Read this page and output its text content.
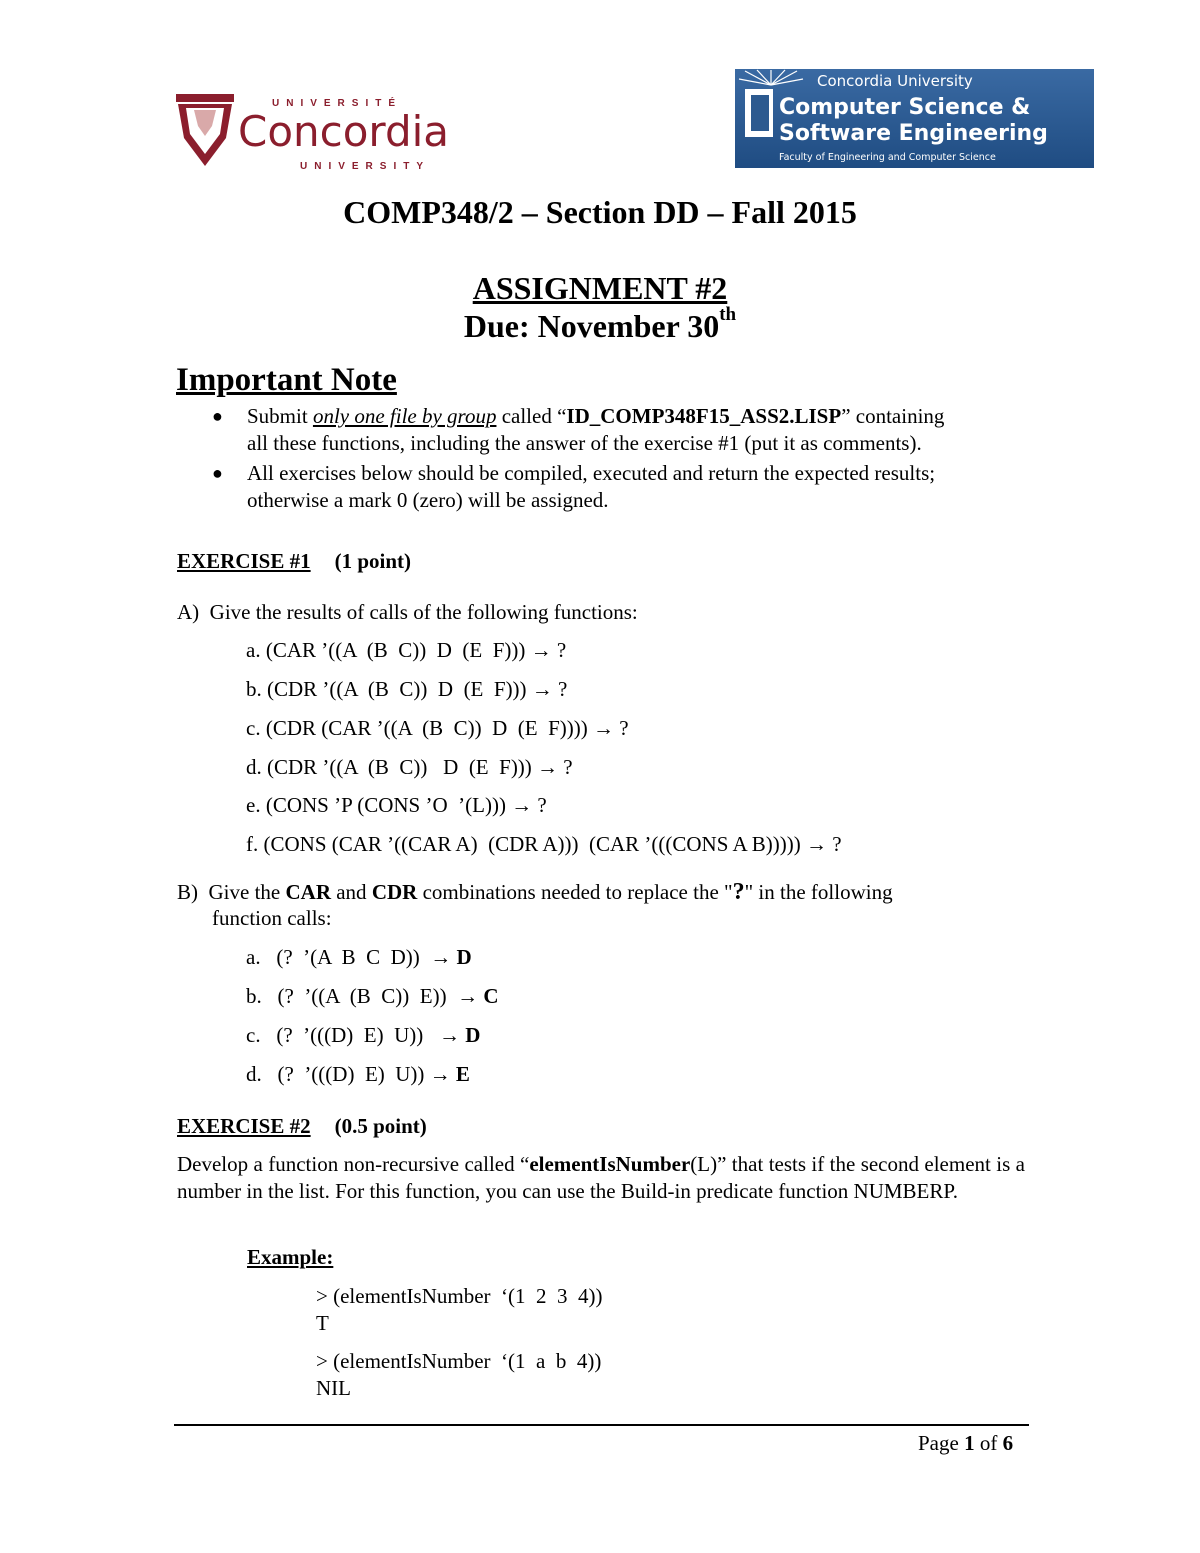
UNIVERSITÉ
Concordia
UNIVERSITY
Concordia University
Computer Science &
Software Engineering
Faculty of Engineering and Computer Science
COMP348/2 – Section DD – Fall 2015
ASSIGNMENT #2
Due: November 30th
Important Note
● Submit only one file by group called “ID_COMP348F15_ASS2.LISP” containing
all these functions, including the answer of the exercise #1 (put it as comments).
● All exercises below should be compiled, executed and return the expected results;
otherwise a mark 0 (zero) will be assigned.
EXERCISE #1 (1 point)
A)  Give the results of calls of the following functions:
a. (CAR ’((A  (B  C))  D  (E  F))) → ?
b. (CDR ’((A  (B  C))  D  (E  F))) → ?
c. (CDR (CAR ’((A  (B  C))  D  (E  F)))) → ?
d. (CDR ’((A  (B  C))   D  (E  F))) → ?
e. (CONS ’P (CONS ’O  ’(L))) → ?
f. (CONS (CAR ’((CAR A)  (CDR A)))  (CAR ’(((CONS A B))))) → ?
B)  Give the CAR and CDR combinations needed to replace the "?" in the following
function calls:
a.   (?  ’(A  B  C  D))  → D
b.   (?  ’((A  (B  C))  E))  → C
c.   (?  ’(((D)  E)  U))   → D
d.   (?  ’(((D)  E)  U)) → E
EXERCISE #2 (0.5 point)
Develop a function non-recursive called “elementIsNumber(L)” that tests if the second element is a number in the list. For this function, you can use the Build-in predicate function NUMBERP.
Example:
> (elementIsNumber  ‘(1  2  3  4))
T
> (elementIsNumber  ‘(1  a  b  4))
NIL
Page 1 of 6
